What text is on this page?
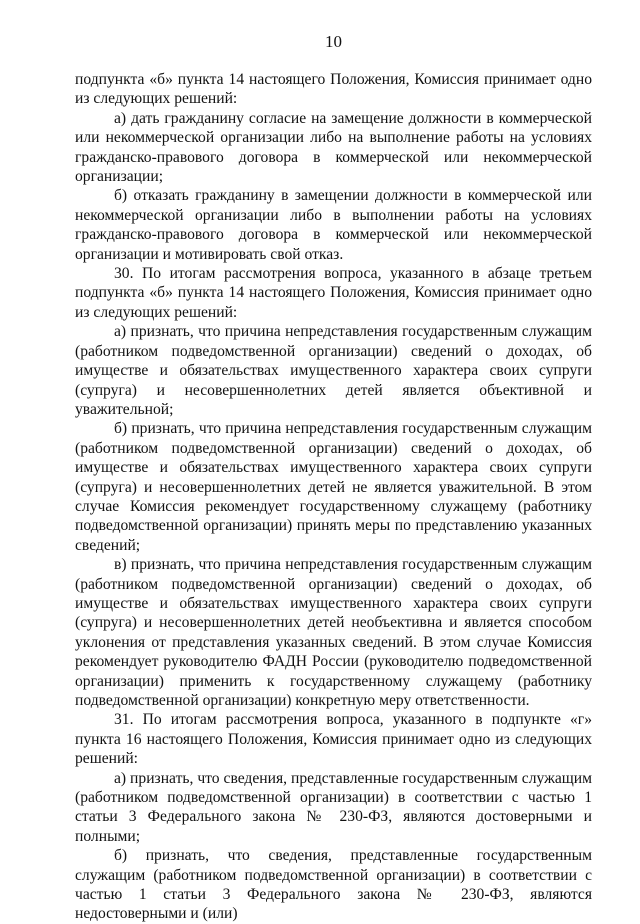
10

подпункта «б» пункта 14 настоящего Положения, Комиссия принимает одно из следующих решений:

а) дать гражданину согласие на замещение должности в коммерческой или некоммерческой организации либо на выполнение работы на условиях гражданско-правового договора в коммерческой или некоммерческой организации;

б) отказать гражданину в замещении должности в коммерческой или некоммерческой организации либо в выполнении работы на условиях гражданско-правового договора в коммерческой или некоммерческой организации и мотивировать свой отказ.

30. По итогам рассмотрения вопроса, указанного в абзаце третьем подпункта «б» пункта 14 настоящего Положения, Комиссия принимает одно из следующих решений:

а) признать, что причина непредставления государственным служащим (работником подведомственной организации) сведений о доходах, об имуществе и обязательствах имущественного характера своих супруги (супруга) и несовершеннолетних детей является объективной и уважительной;

б) признать, что причина непредставления государственным служащим (работником подведомственной организации) сведений о доходах, об имуществе и обязательствах имущественного характера своих супруги (супруга) и несовершеннолетних детей не является уважительной. В этом случае Комиссия рекомендует государственному служащему (работнику подведомственной организации) принять меры по представлению указанных сведений;

в) признать, что причина непредставления государственным служащим (работником подведомственной организации) сведений о доходах, об имуществе и обязательствах имущественного характера своих супруги (супруга) и несовершеннолетних детей необъективна и является способом уклонения от представления указанных сведений. В этом случае Комиссия рекомендует руководителю ФАДН России (руководителю подведомственной организации) применить к государственному служащему (работнику подведомственной организации) конкретную меру ответственности.

31. По итогам рассмотрения вопроса, указанного в подпункте «г» пункта 16 настоящего Положения, Комиссия принимает одно из следующих решений:

а) признать, что сведения, представленные государственным служащим (работником подведомственной организации) в соответствии с частью 1 статьи 3 Федерального закона № 230-ФЗ, являются достоверными и полными;

б) признать, что сведения, представленные государственным служащим (работником подведомственной организации) в соответствии с частью 1 статьи 3 Федерального закона № 230-ФЗ, являются недостоверными и (или)
